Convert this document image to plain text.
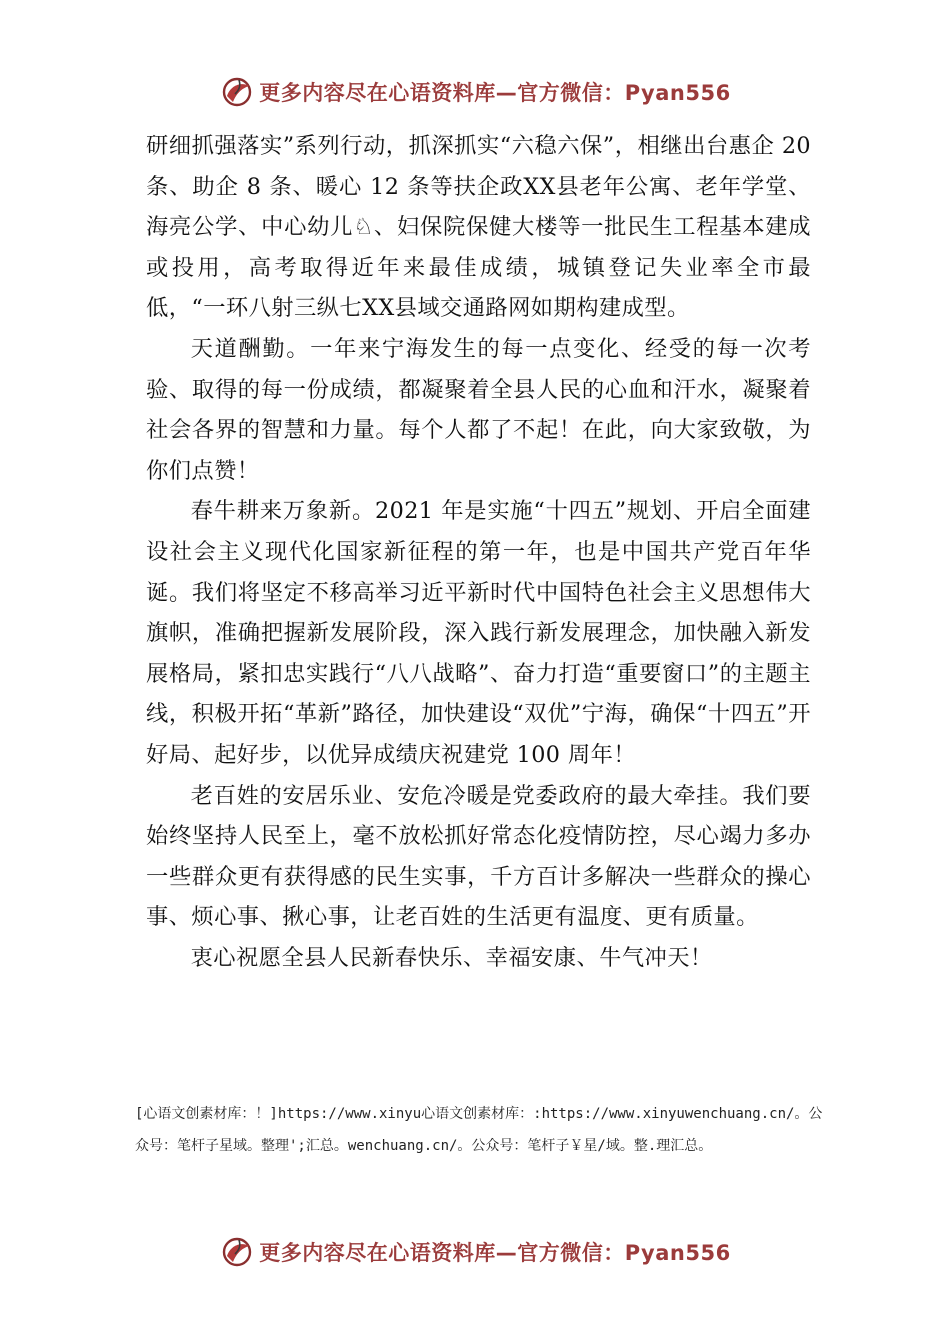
更多内容尽在心语资料库—官方微信：Pyan556

研细抓强落实”系列行动，抓深抓实“六稳六保”，相继出台惠企 20 条、助企 8 条、暖心 12 条等扶企政XX县老年公寓、老年学堂、海亮公学、中心幼儿♘、妇保院保健大楼等一批民生工程基本建成或投用，高考取得近年来最佳成绩，城镇登记失业率全市最低，“一环八射三纵七XX县域交通路网如期构建成型。

天道酬勤。一年来宁海发生的每一点变化、经受的每一次考验、取得的每一份成绩，都凝聚着全县人民的心血和汗水，凝聚着社会各界的智慧和力量。每个人都了不起！在此，向大家致敬，为你们点赞！

春牛耕来万象新。2021 年是实施“十四五”规划、开启全面建设社会主义现代化国家新征程的第一年，也是中国共产党百年华诞。我们将坚定不移高举习近平新时代中国特色社会主义思想伟大旗帜，准确把握新发展阶段，深入践行新发展理念，加快融入新发展格局，紧扣忠实践行“八八战略”、奋力打造“重要窗口”的主题主线，积极开拓“革新”路径，加快建设“双优”宁海，确保“十四五”开好局、起好步，以优异成绩庆祝建党 100 周年！

老百姓的安居乐业、安危冷暖是党委政府的最大牵挂。我们要始终坚持人民至上，毫不放松抓好常态化疫情防控，尽心竭力多办一些群众更有获得感的民生实事，千方百计多解决一些群众的操心事、烦心事、揪心事，让老百姓的生活更有温度、更有质量。

衷心祝愿全县人民新春快乐、幸福安康、牛气冲天！

[心语文创素材库：！]https://www.xinyu心语文创素材库：:https://www.xinyuwenchuang.cn/。公众号：笔杆子星域。整理';汇总。wenchuang.cn/。公众号：笔杆子￥星/域。整.理汇总。
更多内容尽在心语资料库—官方微信：Pyan556
